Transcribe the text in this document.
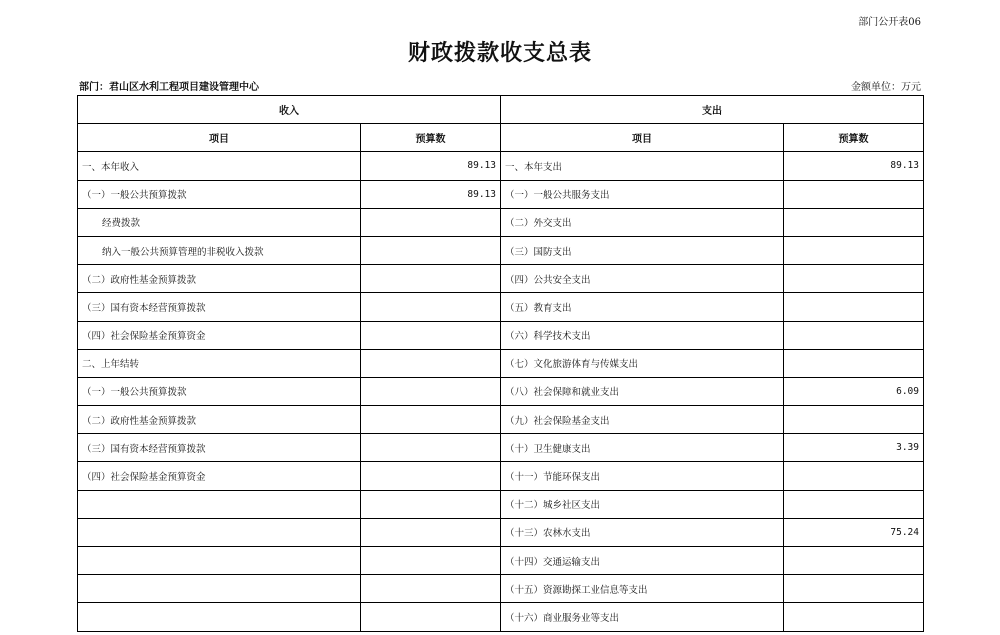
部门公开表06
财政拨款收支总表
部门：君山区水利工程项目建设管理中心	金额单位：万元
收入		支出	
项目	预算数	项目	预算数
一、本年收入	89.13	一、本年支出	89.13
（一）一般公共预算拨款	89.13	（一）一般公共服务支出	
经费拨款		（二）外交支出	
纳入一般公共预算管理的非税收入拨款		（三）国防支出	
（二）政府性基金预算拨款		（四）公共安全支出	
（三）国有资本经营预算拨款		（五）教育支出	
（四）社会保险基金预算资金		（六）科学技术支出	
二、上年结转		（七）文化旅游体育与传媒支出	
（一）一般公共预算拨款		（八）社会保障和就业支出	6.09
（二）政府性基金预算拨款		（九）社会保险基金支出	
（三）国有资本经营预算拨款		（十）卫生健康支出	3.39
（四）社会保险基金预算资金		（十一）节能环保支出	
		（十二）城乡社区支出	
		（十三）农林水支出	75.24
		（十四）交通运输支出	
		（十五）资源勘探工业信息等支出	
		（十六）商业服务业等支出	
